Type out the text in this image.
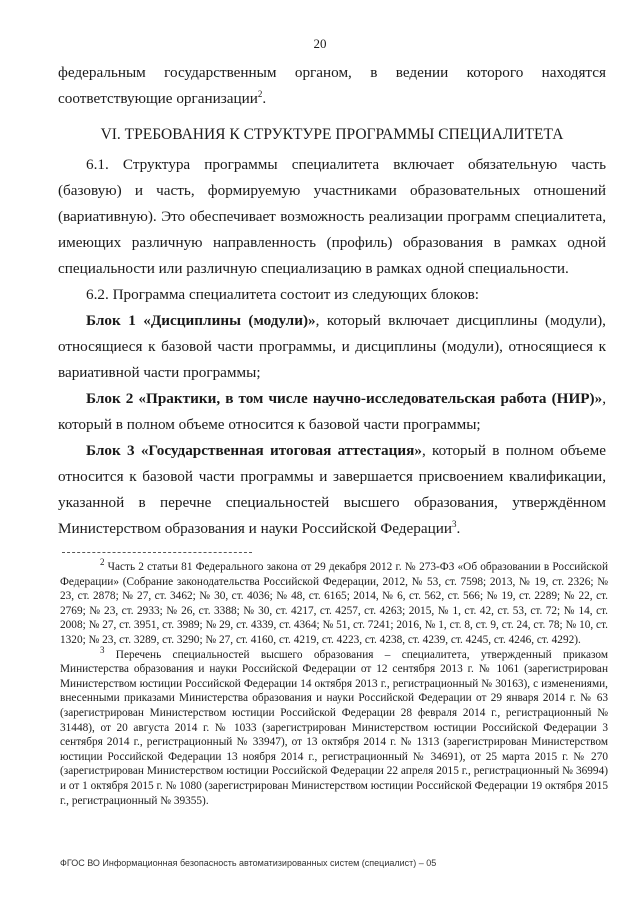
20

федеральным государственным органом, в ведении которого находятся соответствующие организации$^2$.

VI. ТРЕБОВАНИЯ К СТРУКТУРЕ ПРОГРАММЫ СПЕЦИАЛИТЕТА

6.1. Структура программы специалитета включает обязательную часть (базовую) и часть, формируемую участниками образовательных отношений (вариативную). Это обеспечивает возможность реализации программ специалитета, имеющих различную направленность (профиль) образования в рамках одной специальности или различную специализацию в рамках одной специальности.

6.2. Программа специалитета состоит из следующих блоков:

Блок 1 «Дисциплины (модули)», который включает дисциплины (модули), относящиеся к базовой части программы, и дисциплины (модули), относящиеся к вариативной части программы;

Блок 2 «Практики, в том числе научно-исследовательская работа (НИР)», который в полном объеме относится к базовой части программы;

Блок 3 «Государственная итоговая аттестация», который в полном объеме относится к базовой части программы и завершается присвоением квалификации, указанной в перечне специальностей высшего образования, утверждённом Министерством образования и науки Российской Федерации$^3$.

$^2$ Часть 2 статьи 81 Федерального закона от 29 декабря 2012 г. № 273-ФЗ «Об образовании в Российской Федерации» (Собрание законодательства Российской Федерации, 2012, № 53, ст. 7598; 2013, № 19, ст. 2326; № 23, ст. 2878; № 27, ст. 3462; № 30, ст. 4036; № 48, ст. 6165; 2014, № 6, ст. 562, ст. 566; № 19, ст. 2289; № 22, ст. 2769; № 23, ст. 2933; № 26, ст. 3388; № 30, ст. 4217, ст. 4257, ст. 4263; 2015, № 1, ст. 42, ст. 53, ст. 72; № 14, ст. 2008; № 27, ст. 3951, ст. 3989; № 29, ст. 4339, ст. 4364; № 51, ст. 7241; 2016, № 1, ст. 8, ст. 9, ст. 24, ст. 78; № 10, ст. 1320; № 23, ст. 3289, ст. 3290; № 27, ст. 4160, ст. 4219, ст. 4223, ст. 4238, ст. 4239, ст. 4245, ст. 4246, ст. 4292).

$^3$ Перечень специальностей высшего образования – специалитета, утвержденный приказом Министерства образования и науки Российской Федерации от 12 сентября 2013 г. № 1061 (зарегистрирован Министерством юстиции Российской Федерации 14 октября 2013 г., регистрационный № 30163), с изменениями, внесенными приказами Министерства образования и науки Российской Федерации от 29 января 2014 г. № 63 (зарегистрирован Министерством юстиции Российской Федерации 28 февраля 2014 г., регистрационный № 31448), от 20 августа 2014 г. № 1033 (зарегистрирован Министерством юстиции Российской Федерации 3 сентября 2014 г., регистрационный № 33947), от 13 октября 2014 г. № 1313 (зарегистрирован Министерством юстиции Российской Федерации 13 ноября 2014 г., регистрационный № 34691), от 25 марта 2015 г. № 270 (зарегистрирован Министерством юстиции Российской Федерации 22 апреля 2015 г., регистрационный № 36994) и от 1 октября 2015 г. № 1080 (зарегистрирован Министерством юстиции Российской Федерации 19 октября 2015 г., регистрационный № 39355).

ФГОС ВО Информационная безопасность автоматизированных систем (специалист) – 05
